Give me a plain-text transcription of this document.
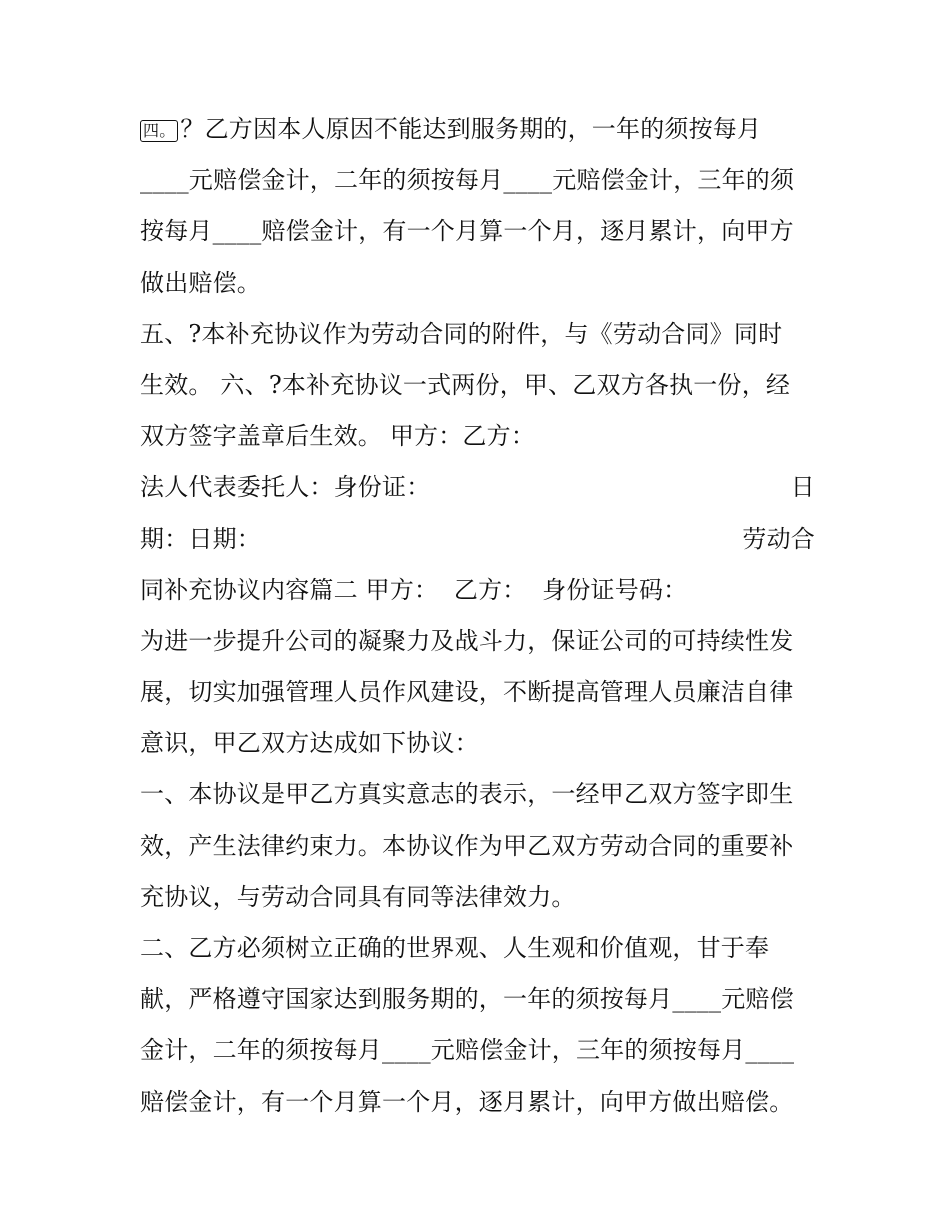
四。 ？乙方因本人原因不能达到服务期的，一年的须按每月
____元赔偿金计，二年的须按每月____元赔偿金计，三年的须
按每月____赔偿金计，有一个月算一个月，逐月累计，向甲方
做出赔偿。
五、?本补充协议作为劳动合同的附件，与《劳动合同》同时
生效。 六、?本补充协议一式两份，甲、乙双方各执一份，经
双方签字盖章后生效。 甲方：乙方：
法人代表委托人：身份证：	日
期：日期：	劳动合
同补充协议内容篇二 甲方：  乙方：  身份证号码：
为进一步提升公司的凝聚力及战斗力，保证公司的可持续性发
展，切实加强管理人员作风建设，不断提高管理人员廉洁自律
意识，甲乙双方达成如下协议：
一、本协议是甲乙方真实意志的表示，一经甲乙双方签字即生
效，产生法律约束力。本协议作为甲乙双方劳动合同的重要补
充协议，与劳动合同具有同等法律效力。
二、乙方必须树立正确的世界观、人生观和价值观，甘于奉
献，严格遵守国家达到服务期的，一年的须按每月____元赔偿
金计，二年的须按每月____元赔偿金计，三年的须按每月____
赔偿金计，有一个月算一个月，逐月累计，向甲方做出赔偿。
